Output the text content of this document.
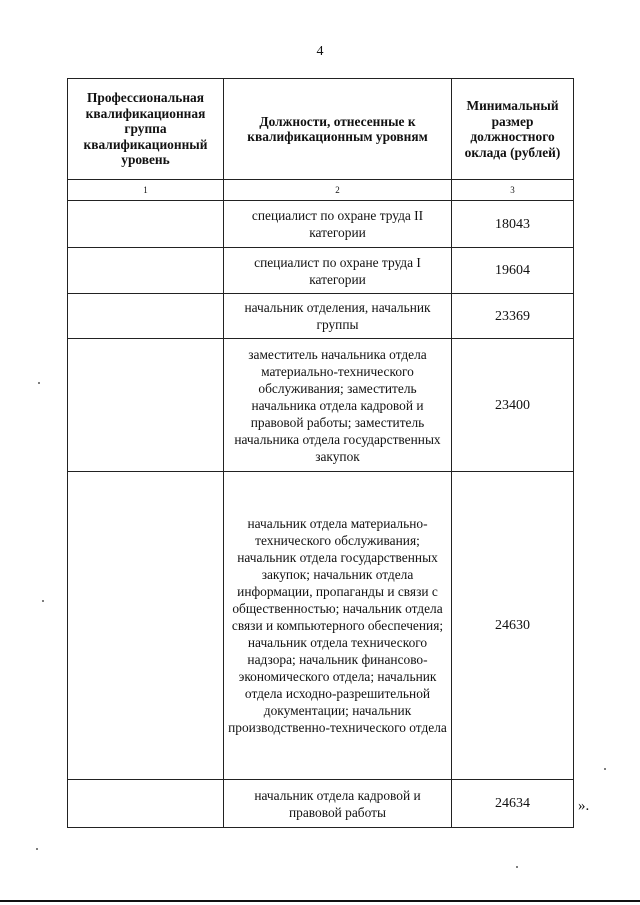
4
Профессиональная квалификационная группа квалификационный уровень	Должности, отнесенные к квалификационным уровням	Минимальный размер должностного оклада (рублей)
1	2	3
	специалист по охране труда II категории	18043
	специалист по охране труда I категории	19604
	начальник отделения, начальник группы	23369
	заместитель начальника отдела материально-технического обслуживания; заместитель начальника отдела кадровой и правовой работы; заместитель начальника отдела государственных закупок	23400
	начальник отдела материально-технического обслуживания; начальник отдела государственных закупок; начальник отдела информации, пропаганды и связи с общественностью; начальник отдела связи и компьютерного обеспечения; начальник отдела технического надзора; начальник финансово-экономического отдела; начальник отдела исходно-разрешительной документации; начальник производственно-технического отдела	24630
	начальник отдела кадровой и правовой работы	24634	».
